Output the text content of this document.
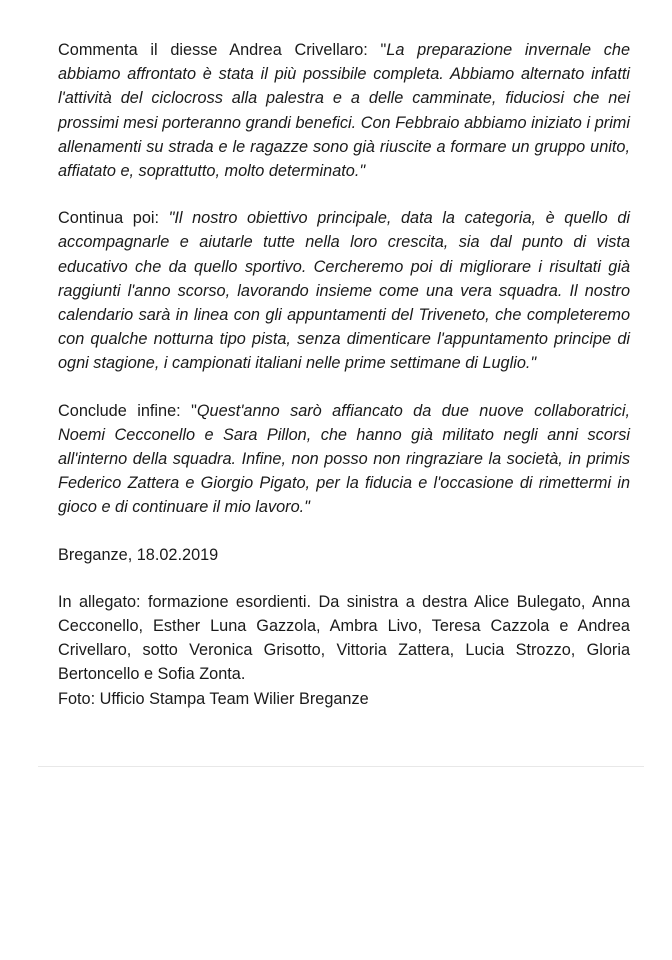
Commenta il diesse Andrea Crivellaro: "La preparazione invernale che abbiamo affrontato è stata il più possibile completa. Abbiamo alternato infatti l'attività del ciclocross alla palestra e a delle camminate, fiduciosi che nei prossimi mesi porteranno grandi benefici. Con Febbraio abbiamo iniziato i primi allenamenti su strada e le ragazze sono già riuscite a formare un gruppo unito, affiatato e, soprattutto, molto determinato."

Continua poi: "Il nostro obiettivo principale, data la categoria, è quello di accompagnarle e aiutarle tutte nella loro crescita, sia dal punto di vista educativo che da quello sportivo. Cercheremo poi di migliorare i risultati già raggiunti l'anno scorso, lavorando insieme come una vera squadra. Il nostro calendario sarà in linea con gli appuntamenti del Triveneto, che completeremo con qualche notturna tipo pista, senza dimenticare l'appuntamento principe di ogni stagione, i campionati italiani nelle prime settimane di Luglio."

Conclude infine: "Quest'anno sarò affiancato da due nuove collaboratrici, Noemi Cecconello e Sara Pillon, che hanno già militato negli anni scorsi all'interno della squadra. Infine, non posso non ringraziare la società, in primis Federico Zattera e Giorgio Pigato, per la fiducia e l'occasione di rimettermi in gioco e di continuare il mio lavoro."

Breganze, 18.02.2019

In allegato: formazione esordienti. Da sinistra a destra Alice Bulegato, Anna Cecconello, Esther Luna Gazzola, Ambra Livo, Teresa Cazzola e Andrea Crivellaro, sotto Veronica Grisotto, Vittoria Zattera, Lucia Strozzo, Gloria Bertoncello e Sofia Zonta.

Foto: Ufficio Stampa Team Wilier Breganze
